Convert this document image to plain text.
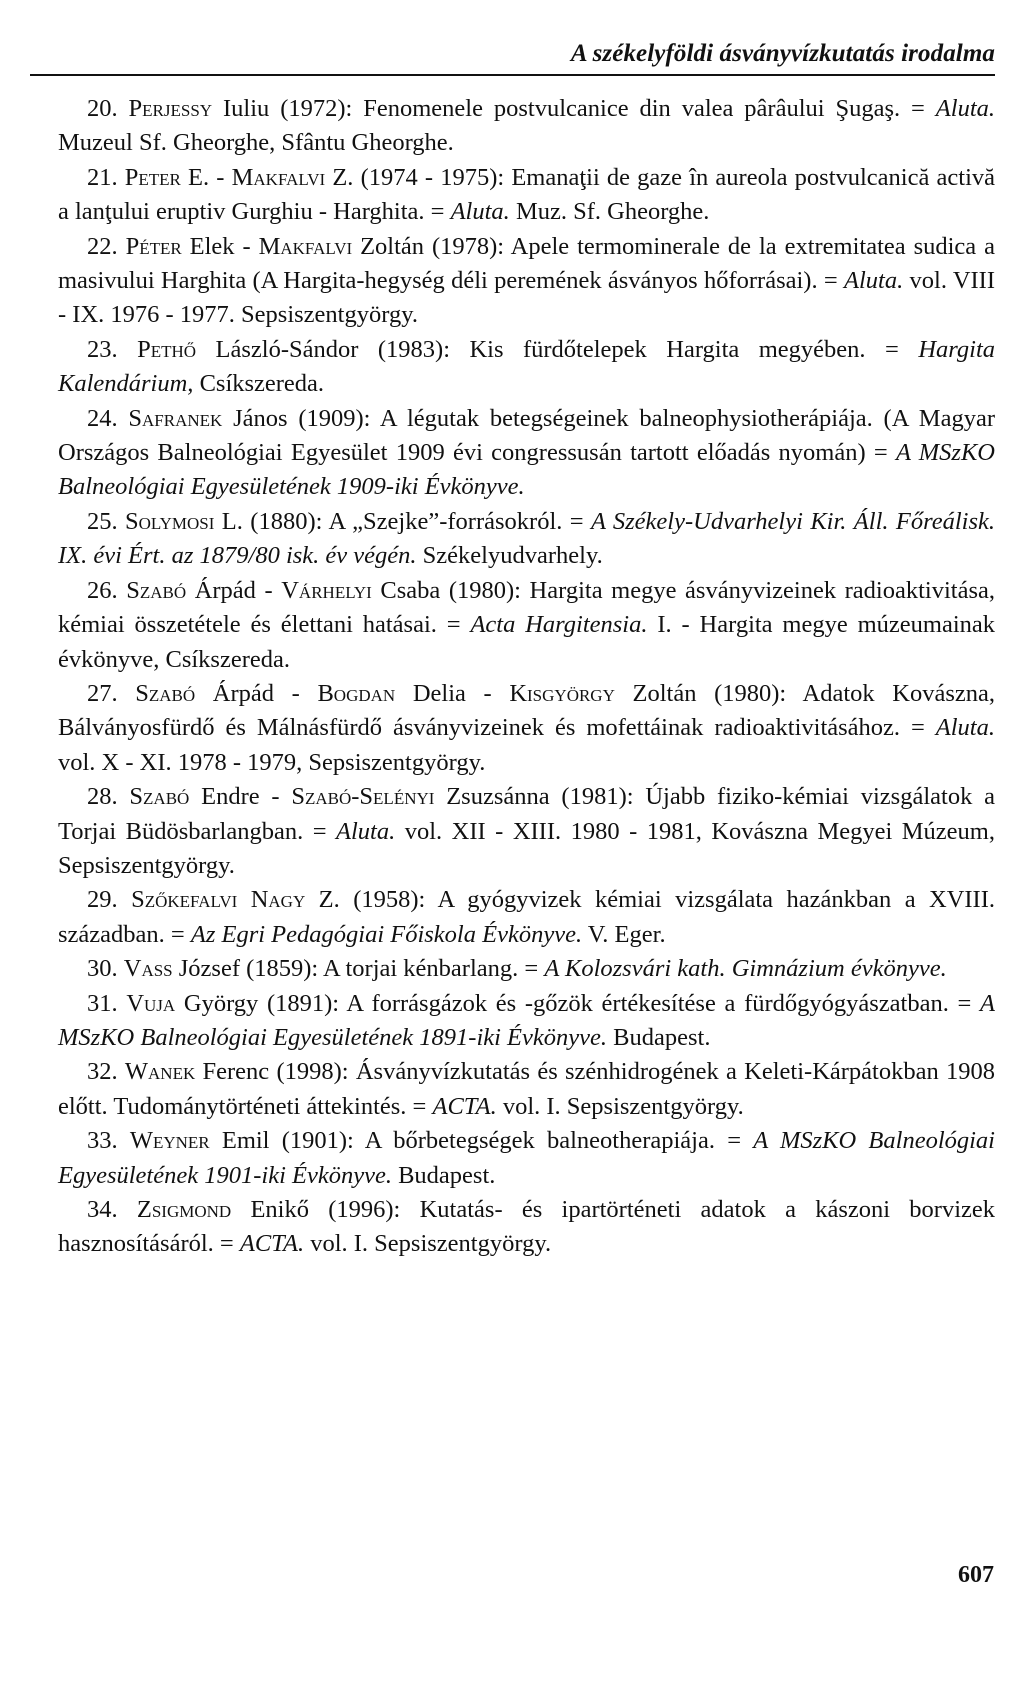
A székelyföldi ásványvízkutatás irodalma

20. Perjessy Iuliu (1972): Fenomenele postvulcanice din valea pârâului Şugaş. = Aluta. Muzeul Sf. Gheorghe, Sfântu Gheorghe.

21. Peter E. - Makfalvi Z. (1974 - 1975): Emanaţii de gaze în aureola postvulcanică activă a lanţului eruptiv Gurghiu - Harghita. = Aluta. Muz. Sf. Gheorghe.

22. Péter Elek - Makfalvi Zoltán (1978): Apele termominerale de la extremitatea sudica a masivului Harghita (A Hargita-hegység déli peremének ásványos hőforrásai). = Aluta. vol. VIII - IX. 1976 - 1977. Sepsiszentgyörgy.

23. Pethő László-Sándor (1983): Kis fürdőtelepek Hargita megyében. = Hargita Kalendárium, Csíkszereda.

24. Safranek János (1909): A légutak betegségeinek balneophysiotherápiája. (A Magyar Országos Balneológiai Egyesület 1909 évi congressusán tartott előadás nyomán) = A MSzKO Balneológiai Egyesületének 1909-iki Évkönyve.

25. Solymosi L. (1880): A „Szejke”-forrásokról. = A Székely-Udvarhelyi Kir. Áll. Főreálisk. IX. évi Ért. az 1879/80 isk. év végén. Székelyudvarhely.

26. Szabó Árpád - Várhelyi Csaba (1980): Hargita megye ásványvizeinek radioaktivitása, kémiai összetétele és élettani hatásai. = Acta Hargitensia. I. - Hargita megye múzeumainak évkönyve, Csíkszereda.

27. Szabó Árpád - Bogdan Delia - Kisgyörgy Zoltán (1980): Adatok Kovászna, Bálványosfürdő és Málnásfürdő ásványvizeinek és mofettáinak radioaktivitásához. = Aluta. vol. X - XI. 1978 - 1979, Sepsiszentgyörgy.

28. Szabó Endre - Szabó-Selényi Zsuzsánna (1981): Újabb fiziko-kémiai vizsgálatok a Torjai Büdösbarlangban. = Aluta. vol. XII - XIII. 1980 - 1981, Kovászna Megyei Múzeum, Sepsiszentgyörgy.

29. Szőkefalvi Nagy Z. (1958): A gyógyvizek kémiai vizsgálata hazánkban a XVIII. században. = Az Egri Pedagógiai Főiskola Évkönyve. V. Eger.

30. Vass József (1859): A torjai kénbarlang. = A Kolozsvári kath. Gimnázium évkönyve.

31. Vuja György (1891): A forrásgázok és -gőzök értékesítése a fürdőgyógyászatban. = A MSzKO Balneológiai Egyesületének 1891-iki Évkönyve. Budapest.

32. Wanek Ferenc (1998): Ásványvízkutatás és szénhidrogének a Keleti-Kárpátokban 1908 előtt. Tudománytörténeti áttekintés. = ACTA. vol. I. Sepsiszentgyörgy.

33. Weyner Emil (1901): A bőrbetegségek balneotherapiája. = A MSzKO Balneológiai Egyesületének 1901-iki Évkönyve. Budapest.

34. Zsigmond Enikő (1996): Kutatás- és ipartörténeti adatok a kászoni borvizek hasznosításáról. = ACTA. vol. I. Sepsiszentgyörgy.

607
